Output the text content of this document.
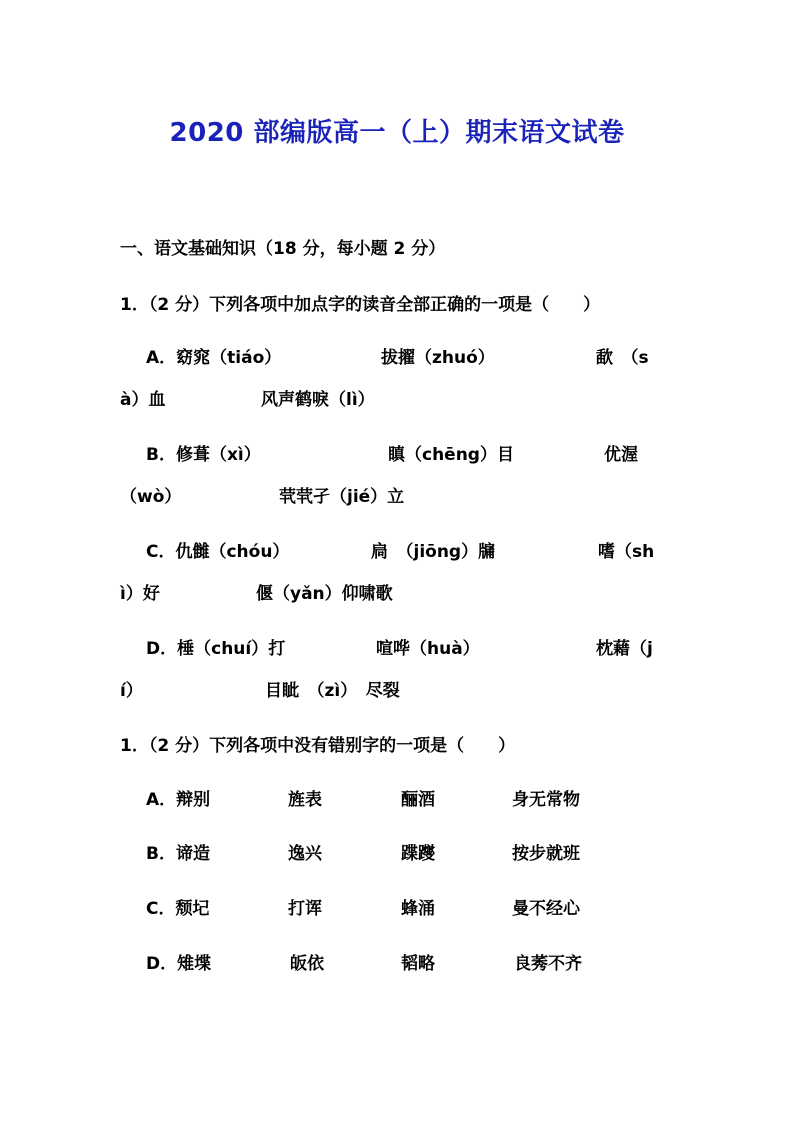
2020 部编版高一（上）期末语文试卷
一、语文基础知识（18 分，每小题 2 分）
1．（2 分）下列各项中加点字的读音全部正确的一项是（　　）
A．窈窕（tiáo）	拔擢（zhuó）	歃　（s
à）血	风声鹤唳（lì）
B．修葺（xì）	瞋（chēng）目	优渥
（wò）	茕茕孑（jié）立
C．仇雠（chóu）	扃　（jiōng）牖	嗜（sh
ì）好	偃（yǎn）仰啸歌
D．棰（chuí）打	喧哗（huà）	枕藉（j
í）	目眦　（zì）　尽裂
1．（2 分）下列各项中没有错别字的一项是（　　）
A．辩别	旌表	酾酒	身无常物
B．谛造	逸兴	蹀躞	按步就班
C．颓圮	打诨	蜂涌	曼不经心
D．雉堞	皈依	韬略	良莠不齐
